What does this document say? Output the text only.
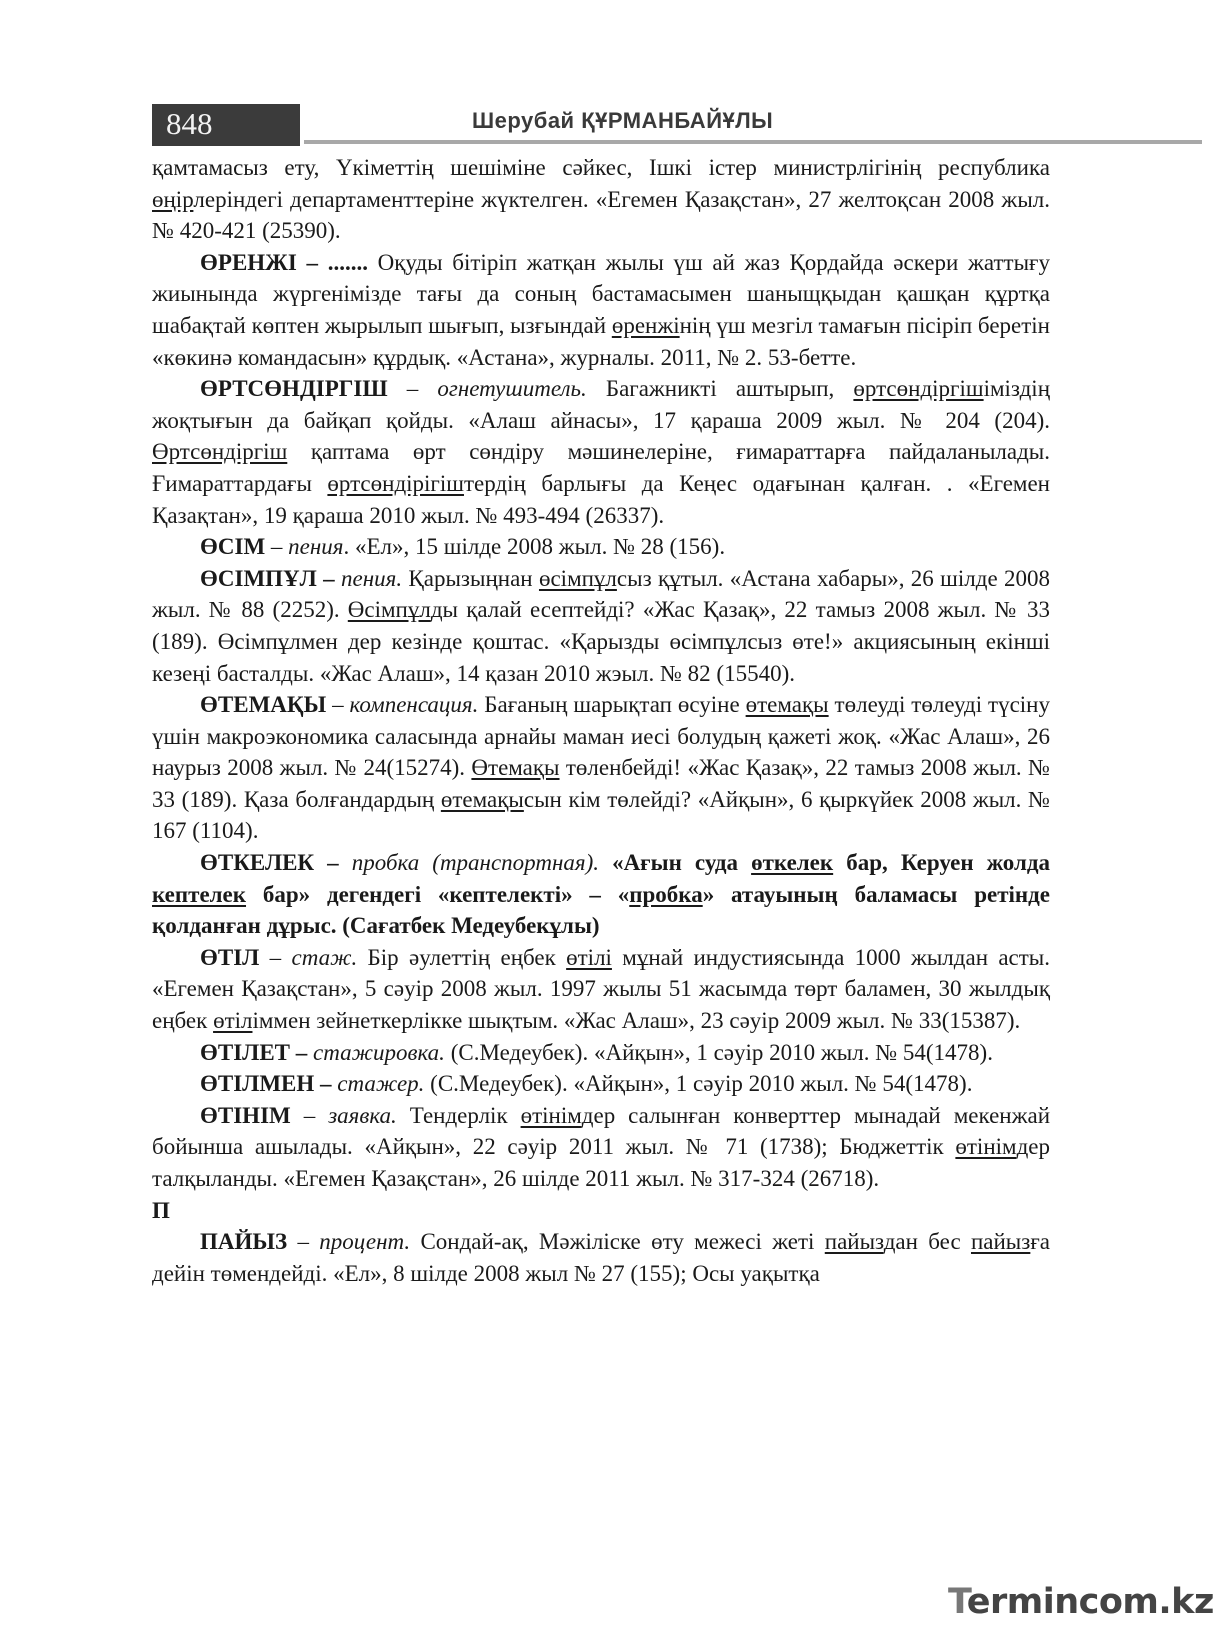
848	Шерубай ҚҰРМАНБАЙҰЛЫ

қамтамасыз ету, Үкіметтің шешіміне сәйкес, Ішкі істер министрлігінің республика өңірлеріндегі департаменттеріне жүктелген. «Егемен Қазақстан», 27 желтоқсан 2008 жыл. № 420-421 (25390).

ӨРЕНЖІ – ....... Оқуды бітіріп жатқан жылы үш ай жаз Қордайда әскери жаттығу жиынында жүргенімізде тағы да соның бастамасымен шаныщқыдан қашқан құртқа шабақтай көптен жырылып шығып, ызғындай өренжінің үш мезгіл тамағын пісіріп беретін «көкинә командасын» құрдық. «Астана», журналы. 2011, № 2. 53-бетте.

ӨРТСӨНДІРГІШ – огнетушитель. Багажникті аштырып, өртсөндіргішіміздің жоқтығын да байқап қойды. «Алаш айнасы», 17 қараша 2009 жыл. № 204 (204). Өртсөндіргіш қаптама өрт сөндіру мәшинелеріне, ғимараттарға пайдаланылады. Ғимараттардағы өртсөндірігіштердің барлығы да Кеңес одағынан қалған. . «Егемен Қазақтан», 19 қараша 2010 жыл. № 493-494 (26337).

ӨСІМ – пения. «Ел», 15 шілде 2008 жыл. № 28 (156).

ӨСІМПҰЛ – пения. Қарызыңнан өсімпұлсыз құтыл. «Астана хабары», 26 шілде 2008 жыл. № 88 (2252). Өсімпұлды қалай есептейді? «Жас Қазақ», 22 тамыз 2008 жыл. № 33 (189). Өсімпұлмен дер кезінде қоштас. «Қарызды өсімпұлсыз өте!» акциясының екінші кезеңі басталды. «Жас Алаш», 14 қазан 2010 жэыл. № 82 (15540).

ӨТЕМАҚЫ – компенсация. Бағаның шарықтап өсуіне өтемақы төлеуді төлеуді түсіну үшін макроэкономика саласында арнайы маман иесі болудың қажеті жоқ. «Жас Алаш», 26 наурыз 2008 жыл. № 24(15274). Өтемақы төленбейді! «Жас Қазақ», 22 тамыз 2008 жыл. № 33 (189). Қаза болғандардың өтемақысын кім төлейді? «Айқын», 6 қыркүйек 2008 жыл. № 167 (1104).

ӨТКЕЛЕК – пробка (транспортная). «Ағын суда өткелек бар, Керуен жолда кептелек бар» дегендегі «кептелекті» – «пробка» атауының баламасы ретінде қолданған дұрыс. (Сағатбек Медеубекұлы)

ӨТІЛ – стаж. Бір әулеттің еңбек өтілі мұнай индустиясында 1000 жылдан асты. «Егемен Қазақстан», 5 сәуір 2008 жыл. 1997 жылы 51 жасымда төрт баламен, 30 жылдық еңбек өтіліммен зейнеткерлікке шықтым. «Жас Алаш», 23 сәуір 2009 жыл. № 33(15387).

ӨТІЛЕТ – стажировка. (С.Медеубек). «Айқын», 1 сәуір 2010 жыл. № 54(1478).

ӨТІЛМЕН – стажер. (С.Медеубек). «Айқын», 1 сәуір 2010 жыл. № 54(1478).

ӨТІНІМ – заявка. Тендерлік өтінімдер салынған конверттер мынадай мекенжай бойынша ашылады. «Айқын», 22 сәуір 2011 жыл. № 71 (1738); Бюджеттік өтінімдер талқыланды. «Егемен Қазақстан», 26 шілде 2011 жыл. № 317-324 (26718).

П

ПАЙЫЗ – процент. Сондай-ақ, Мәжіліске өту межесі жеті пайыздан бес пайызға дейін төмендейді. «Ел», 8 шілде 2008 жыл № 27 (155); Осы уақытқа

Termincom.kz
